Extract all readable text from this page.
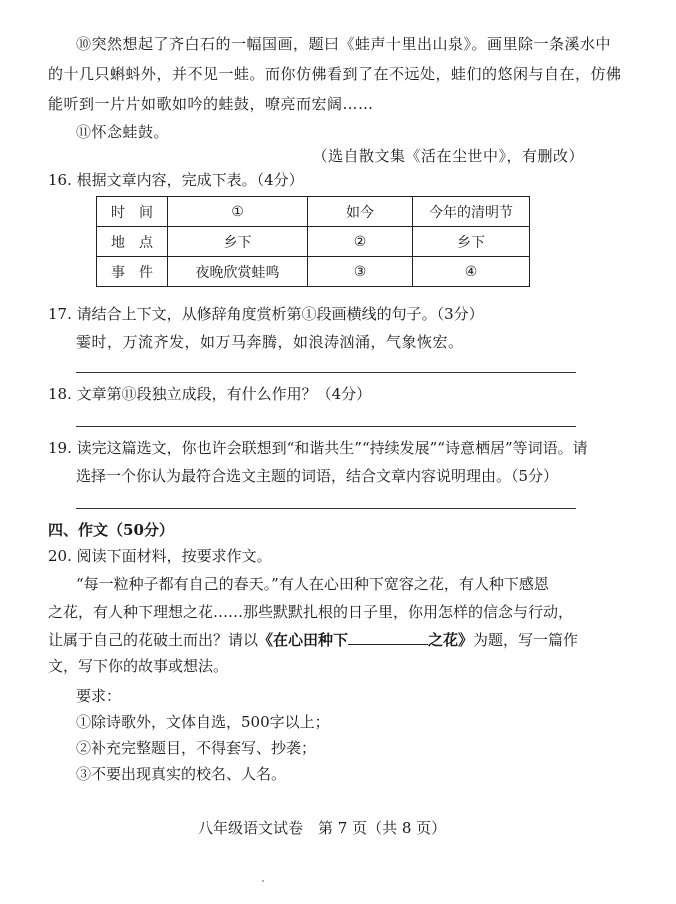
⑩突然想起了齐白石的一幅国画，题曰《蛙声十里出山泉》。画里除一条溪水中
的十几只蝌蚪外，并不见一蛙。而你仿佛看到了在不远处，蛙们的悠闲与自在，仿佛
能听到一片片如歌如吟的蛙鼓，嘹亮而宏阔……
⑪怀念蛙鼓。
（选自散文集《活在尘世中》，有删改）
16. 根据文章内容，完成下表。（4分）
时　间	①	如今	今年的清明节
地　点	乡下	②	乡下
事　件	夜晚欣赏蛙鸣	③	④
17. 请结合上下文，从修辞角度赏析第①段画横线的句子。（3分）
霎时，万流齐发，如万马奔腾，如浪涛汹涌，气象恢宏。
18. 文章第⑪段独立成段，有什么作用？（4分）
19. 读完这篇选文，你也许会联想到“和谐共生”“持续发展”“诗意栖居”等词语。请
选择一个你认为最符合选文主题的词语，结合文章内容说明理由。（5分）
四、作文（50分）
20. 阅读下面材料，按要求作文。
“每一粒种子都有自己的春天。”有人在心田种下宽容之花，有人种下感恩
之花，有人种下理想之花……那些默默扎根的日子里，你用怎样的信念与行动，
让属于自己的花破土而出？请以《在心田种下	之花》为题，写一篇作
文，写下你的故事或想法。
要求：
①除诗歌外，文体自选，500字以上；
②补充完整题目，不得套写、抄袭；
③不要出现真实的校名、人名。
八年级语文试卷　第 7 页（共 8 页）
